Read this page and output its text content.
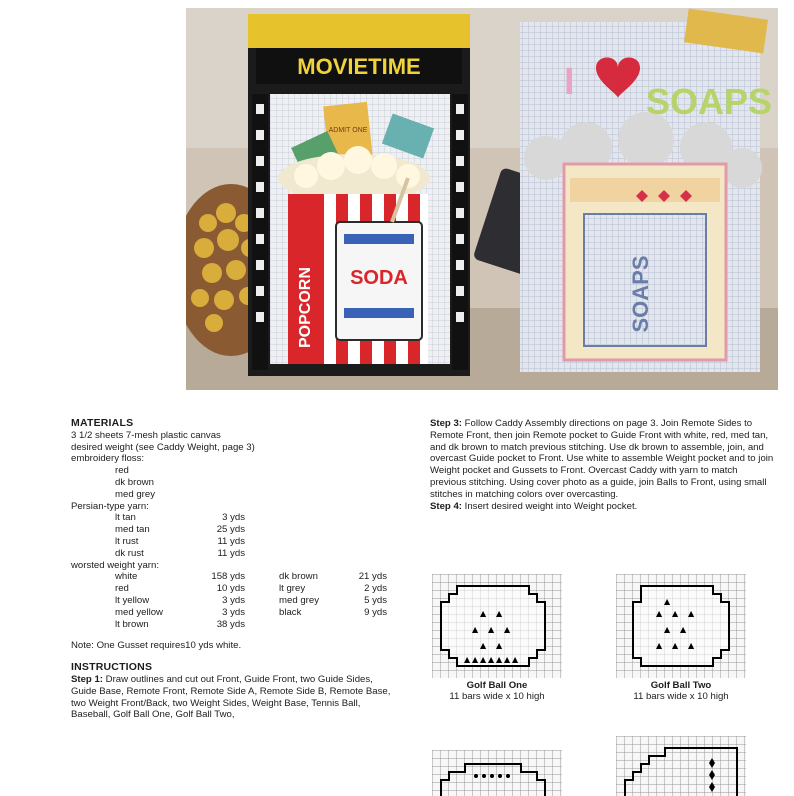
MOVIETIME
ADMIT ONE
POPCORN SODA
I SOAPS
SOAPS
MATERIALS
3 1/2 sheets 7-mesh plastic canvas
desired weight (see Caddy Weight, page 3)
embroidery floss:
red
dk brown
med grey
Persian-type yarn:
lt tan	3 yds
med tan	25 yds
lt rust	11 yds
dk rust	11 yds
worsted weight yarn:
white	158 yds	dk brown	21 yds
red	10 yds	lt grey	2 yds
lt yellow	3 yds	med grey	5 yds
med yellow	3 yds	black	9 yds
lt brown	38 yds
Note: One Gusset requires10 yds white.
INSTRUCTIONS
Step 1: Draw outlines and cut out Front, Guide Front, two Guide Sides, Guide Base, Remote Front, Remote Side A, Remote Side B, Remote Base, two Weight Front/Back, two Weight Sides, Weight Base, Tennis Ball, Baseball, Golf Ball One, Golf Ball Two,
Step 3: Follow Caddy Assembly directions on page 3. Join Remote Sides to Remote Front, then join Remote pocket to Guide Front with white, red, med tan, and dk brown to match previous stitching. Use dk brown to assemble, join, and overcast Guide pocket to Front. Use white to assemble Weight pocket and to join Weight pocket and Gussets to Front. Overcast Caddy with yarn to match previous stitching. Using cover photo as a guide, join Balls to Front, using small stitches in matching colors over overcasting.
Step 4: Insert desired weight into Weight pocket.
▲ ▲
▲ ▲ ▲
▲ ▲ ▲ ▲ ▲ ▲ ▲
▲ ▲
Golf Ball One
11 bars wide x 10 high
▲
▲ ▲ ▲
▲ ▲
▲ ▲ ▲
Golf Ball Two
11 bars wide x 10 high
